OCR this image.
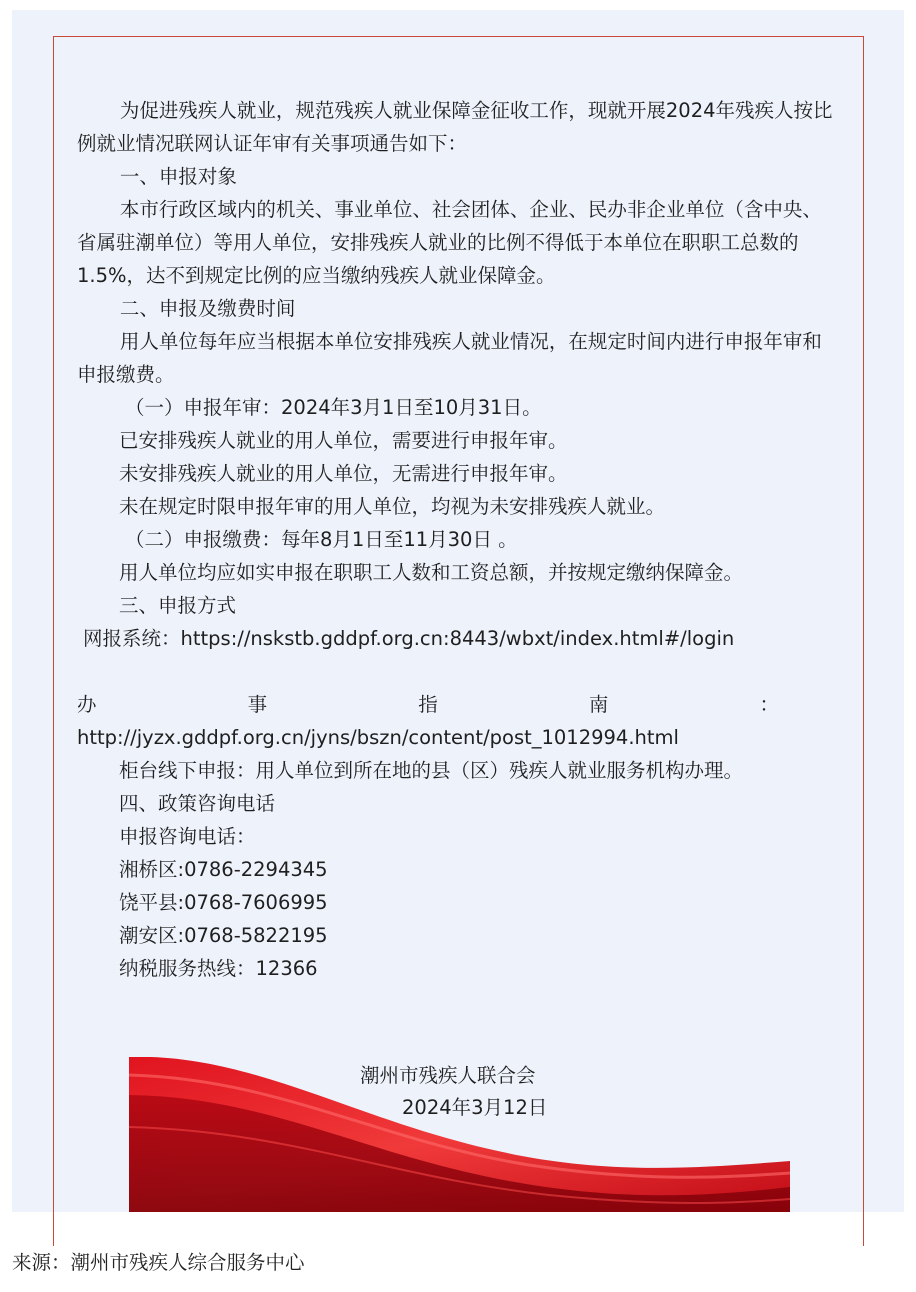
为促进残疾人就业，规范残疾人就业保障金征收工作，现就开展2024年残疾人按比例就业情况联网认证年审有关事项通告如下：

一、申报对象

本市行政区域内的机关、事业单位、社会团体、企业、民办非企业单位（含中央、省属驻潮单位）等用人单位，安排残疾人就业的比例不得低于本单位在职职工总数的1.5%，达不到规定比例的应当缴纳残疾人就业保障金。

二、申报及缴费时间

用人单位每年应当根据本单位安排残疾人就业情况，在规定时间内进行申报年审和申报缴费。

（一）申报年审：2024年3月1日至10月31日。

已安排残疾人就业的用人单位，需要进行申报年审。

未安排残疾人就业的用人单位，无需进行申报年审。

未在规定时限申报年审的用人单位，均视为未安排残疾人就业。

（二）申报缴费：每年8月1日至11月30日 。

用人单位均应如实申报在职职工人数和工资总额，并按规定缴纳保障金。

三、申报方式

网报系统：https://nskstb.gddpf.org.cn:8443/wbxt/index.html#/login

办事指南：

http://jyzx.gddpf.org.cn/jyns/bszn/content/post_1012994.html

柜台线下申报：用人单位到所在地的县（区）残疾人就业服务机构办理。

四、政策咨询电话

申报咨询电话：

湘桥区:0786-2294345

饶平县:0768-7606995

潮安区:0768-5822195

纳税服务热线：12366

潮州市残疾人联合会
2024年3月12日
来源：潮州市残疾人综合服务中心
